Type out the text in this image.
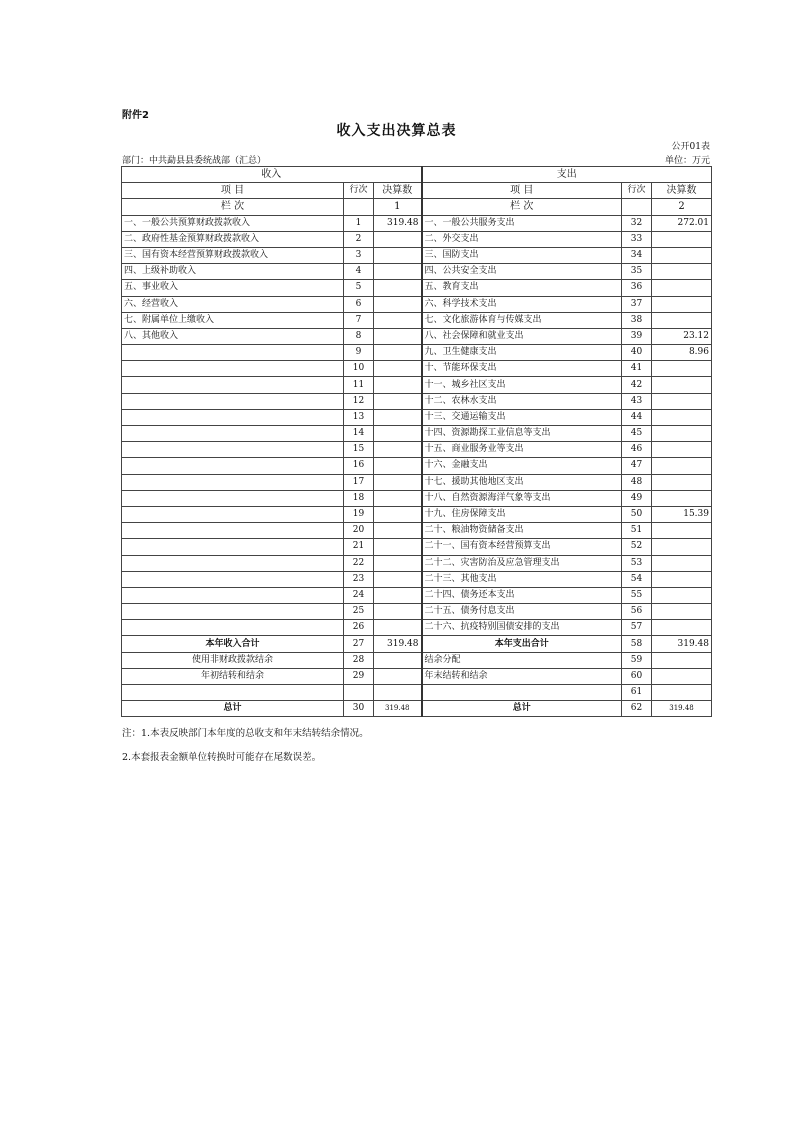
附件2
收入支出决算总表
公开01表
部门：中共勐县县委统战部（汇总）	单位：万元
收入			支出		
项 目	行次	决算数	项 目	行次	决算数
栏 次		1	栏 次		2
一、一般公共预算财政拨款收入	1	319.48	一、一般公共服务支出	32	272.01
二、政府性基金预算财政拨款收入	2		二、外交支出	33	
三、国有资本经营预算财政拨款收入	3		三、国防支出	34	
四、上级补助收入	4		四、公共安全支出	35	
五、事业收入	5		五、教育支出	36	
六、经营收入	6		六、科学技术支出	37	
七、附属单位上缴收入	7		七、文化旅游体育与传媒支出	38	
八、其他收入	8		八、社会保障和就业支出	39	23.12
	9		九、卫生健康支出	40	8.96
	10		十、节能环保支出	41	
	11		十一、城乡社区支出	42	
	12		十二、农林水支出	43	
	13		十三、交通运输支出	44	
	14		十四、资源勘探工业信息等支出	45	
	15		十五、商业服务业等支出	46	
	16		十六、金融支出	47	
	17		十七、援助其他地区支出	48	
	18		十八、自然资源海洋气象等支出	49	
	19		十九、住房保障支出	50	15.39
	20		二十、粮油物资储备支出	51	
	21		二十一、国有资本经营预算支出	52	
	22		二十二、灾害防治及应急管理支出	53	
	23		二十三、其他支出	54	
	24		二十四、债务还本支出	55	
	25		二十五、债务付息支出	56	
	26		二十六、抗疫特别国债安排的支出	57	
本年收入合计	27	319.48	本年支出合计	58	319.48
使用非财政拨款结余	28		结余分配	59	
年初结转和结余	29		年末结转和结余	60	
				61	
总计	30	319.48	总计	62	319.48
注：1.本表反映部门本年度的总收支和年末结转结余情况。
2.本套报表金额单位转换时可能存在尾数误差。
